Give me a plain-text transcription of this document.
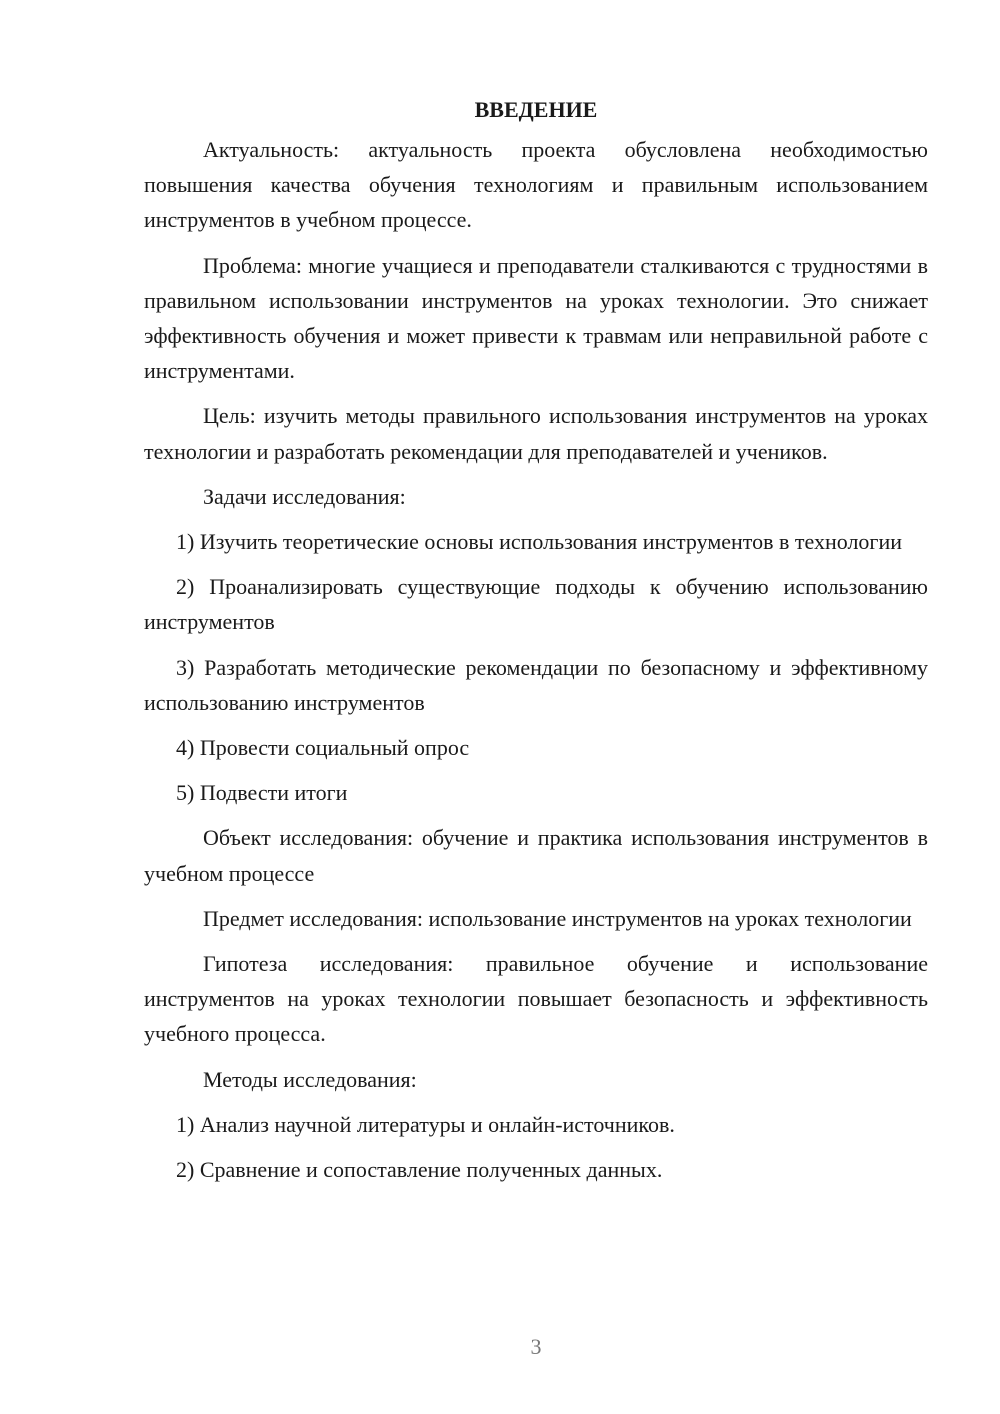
ВВЕДЕНИЕ

Актуальность: актуальность проекта обусловлена необходимостью повышения качества обучения технологиям и правильным использованием инструментов в учебном процессе.

Проблема: многие учащиеся и преподаватели сталкиваются с трудностями в правильном использовании инструментов на уроках технологии. Это снижает эффективность обучения и может привести к травмам или неправильной работе с инструментами.

Цель: изучить методы правильного использования инструментов на уроках технологии и разработать рекомендации для преподавателей и учеников.

Задачи исследования:

1) Изучить теоретические основы использования инструментов в технологии

2) Проанализировать существующие подходы к обучению использованию инструментов

3) Разработать методические рекомендации по безопасному и эффективному использованию инструментов

4) Провести социальный опрос

5) Подвести итоги

Объект исследования: обучение и практика использования инструментов в учебном процессе

Предмет исследования: использование инструментов на уроках технологии

Гипотеза исследования: правильное обучение и использование инструментов на уроках технологии повышает безопасность и эффективность учебного процесса.

Методы исследования:

1) Анализ научной литературы и онлайн-источников.

2) Сравнение и сопоставление полученных данных.

3
